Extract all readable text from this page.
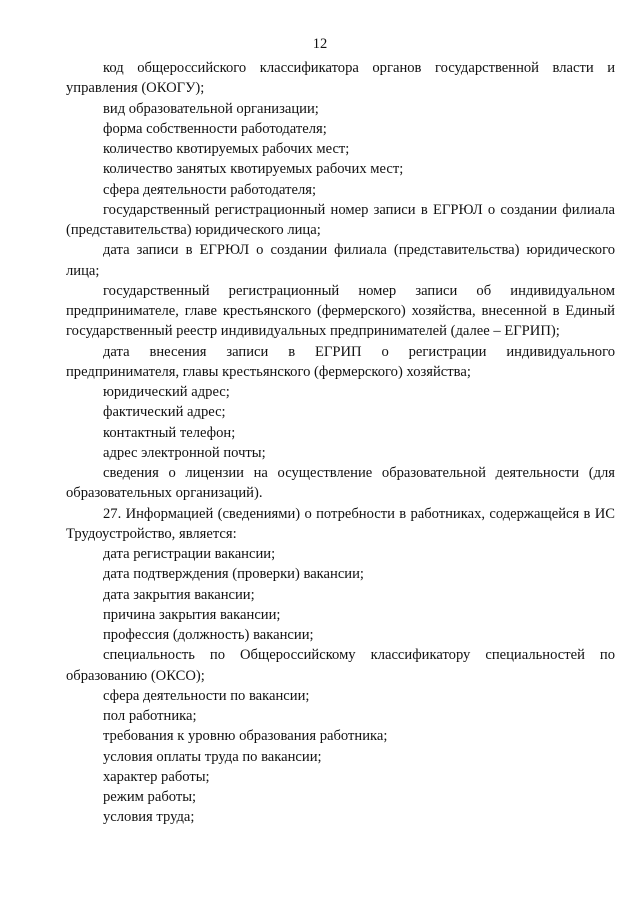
12

код общероссийского классификатора органов государственной власти и управления (ОКОГУ);

вид образовательной организации;

форма собственности работодателя;

количество квотируемых рабочих мест;

количество занятых квотируемых рабочих мест;

сфера деятельности работодателя;

государственный регистрационный номер записи в ЕГРЮЛ о создании филиала (представительства) юридического лица;

дата записи в ЕГРЮЛ о создании филиала (представительства) юридического лица;

государственный регистрационный номер записи об индивидуальном предпринимателе, главе крестьянского (фермерского) хозяйства, внесенной в Единый государственный реестр индивидуальных предпринимателей (далее – ЕГРИП);

дата внесения записи в ЕГРИП о регистрации индивидуального предпринимателя, главы крестьянского (фермерского) хозяйства;

юридический адрес;

фактический адрес;

контактный телефон;

адрес электронной почты;

сведения о лицензии на осуществление образовательной деятельности (для образовательных организаций).

27. Информацией (сведениями) о потребности в работниках, содержащейся в ИС Трудоустройство, является:

дата регистрации вакансии;

дата подтверждения (проверки) вакансии;

дата закрытия вакансии;

причина закрытия вакансии;

профессия (должность) вакансии;

специальность по Общероссийскому классификатору специальностей по образованию (ОКСО);

сфера деятельности по вакансии;

пол работника;

требования к уровню образования работника;

условия оплаты труда по вакансии;

характер работы;

режим работы;

условия труда;
